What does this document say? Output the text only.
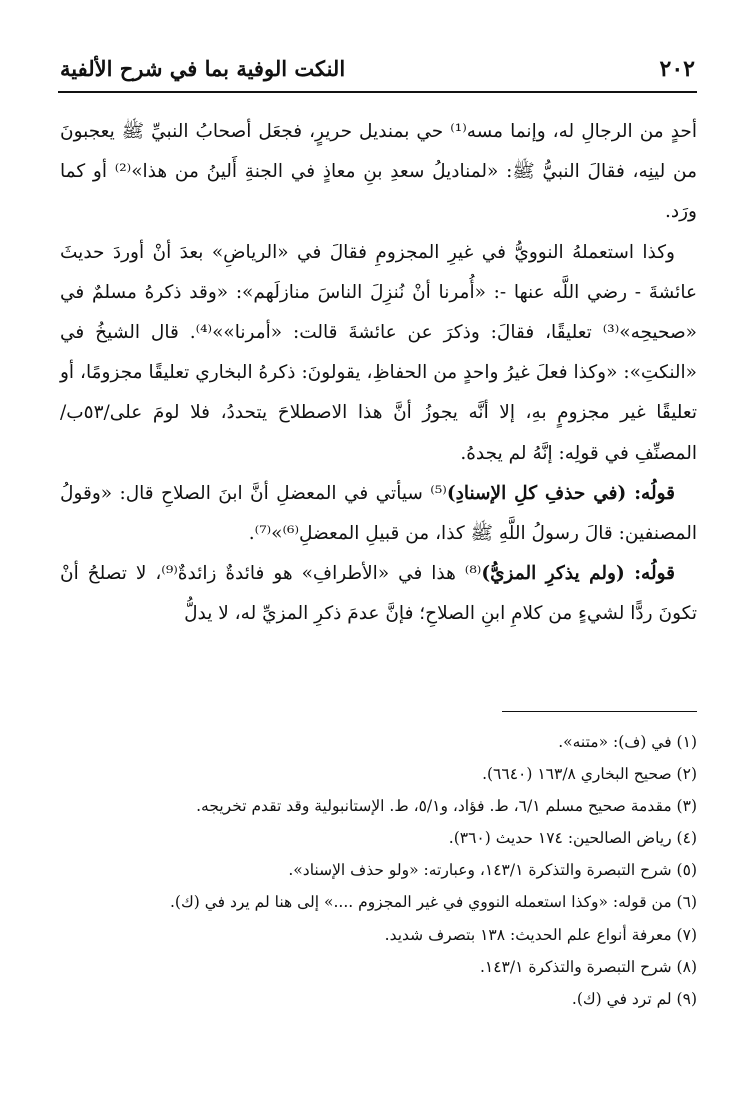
٢٠٢
النكت الوفية بما في شرح الألفية

أحدٍ من الرجالِ له، وإنما مسه⁽¹⁾ حي بمنديل حريرٍ، فجعَل أصحابُ النبيِّ ﷺ يعجبونَ من لينِه، فقالَ النبيُّ ﷺ: «لمناديلُ سعدِ بنِ معاذٍ في الجنةِ أَلينُ من هذا»⁽²⁾ أو كما ورَد.

وكذا استعملهُ النوويُّ في غيرِ المجزومِ فقالَ في «الرياضِ» بعدَ أنْ أوردَ حديثَ عائشةَ - رضي اللَّه عنها -: «أُمرنا أنْ نُنزِلَ الناسَ منازلَهم»: «وقد ذكرهُ مسلمٌ في «صحيحِه»⁽³⁾ تعليقًا، فقالَ: وذكرَ عن عائشةَ قالت: «أمرنا»»⁽⁴⁾. قال الشيخُ في «النكتِ»: «وكذا فعلَ غيرُ واحدٍ من الحفاظِ، يقولونَ: ذكرهُ البخاري تعليقًا مجزومًا، أو تعليقًا غير مجزومٍ بهِ، إلا أنَّه يجوزُ أنَّ هذا الاصطلاحَ يتحددُ، فلا لومَ على/٥٣ب/ المصنِّفِ في قولِه: إنَّهُ لم يجدهُ.

قولُه: (في حذفِ كلِ الإسنادِ)⁽⁵⁾ سيأتي في المعضلِ أنَّ ابنَ الصلاحِ قال: «وقولُ المصنفين: قالَ رسولُ اللَّهِ ﷺ كذا، من قبيلِ المعضلِ⁽⁶⁾»⁽⁷⁾.

قولُه: (ولم يذكرِ المزيُّ)⁽⁸⁾ هذا في «الأطرافِ» هو فائدةٌ زائدةٌ⁽⁹⁾، لا تصلحُ أنْ تكونَ ردًّا لشيءٍ من كلامِ ابنِ الصلاحِ؛ فإنَّ عدمَ ذكرِ المزيِّ له، لا يدلُّ

(١) في (ف): «متنه».
(٢) صحيح البخاري ١٦٣/٨ (٦٦٤٠).
(٣) مقدمة صحيح مسلم ٦/١، ط. فؤاد، و٥/١، ط. الإستانبولية وقد تقدم تخريجه.
(٤) رياض الصالحين: ١٧٤ حديث (٣٦٠).
(٥) شرح التبصرة والتذكرة ١٤٣/١، وعبارته: «ولو حذف الإسناد».
(٦) من قوله: «وكذا استعمله النووي في غير المجزوم ....» إلى هنا لم يرد في (ك).
(٧) معرفة أنواع علم الحديث: ١٣٨ بتصرف شديد.
(٨) شرح التبصرة والتذكرة ١٤٣/١.
(٩) لم ترد في (ك).
